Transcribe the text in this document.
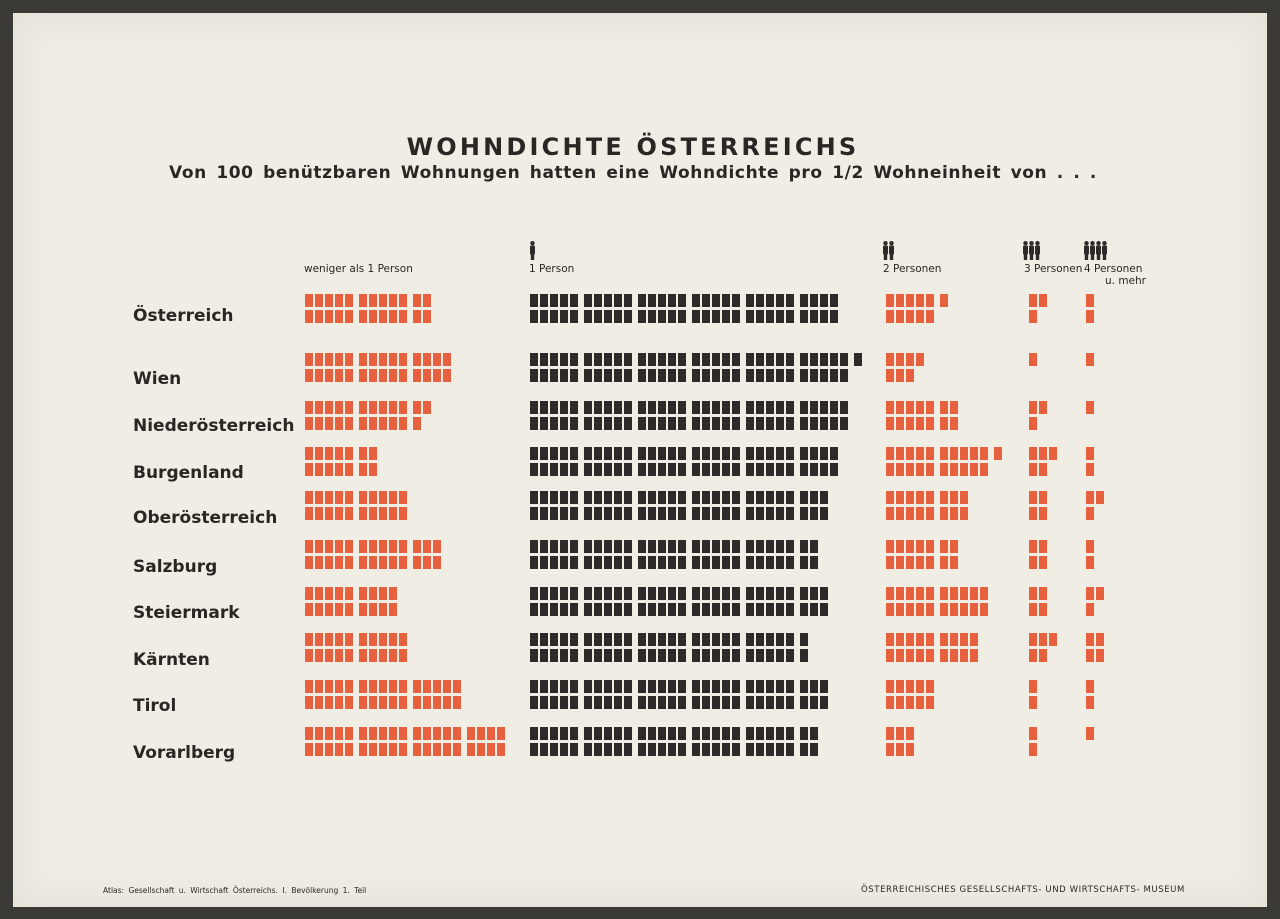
WOHNDICHTE ÖSTERREICHS
Von 100 benützbaren Wohnungen hatten eine Wohndichte pro 1/2 Wohneinheit von . . .
weniger als 1 Person	1 Person	2 Personen	3 Personen 4 Personen
u. mehr
Österreich
Wien
Niederösterreich
Burgenland
Oberösterreich
Salzburg
Steiermark
Kärnten
Tirol
Vorarlberg
Atlas: Gesellschaft u. Wirtschaft Österreichs. I. Bevölkerung 1. Teil	ÖSTERREICHISCHES GESELLSCHAFTS- UND WIRTSCHAFTS- MUSEUM
